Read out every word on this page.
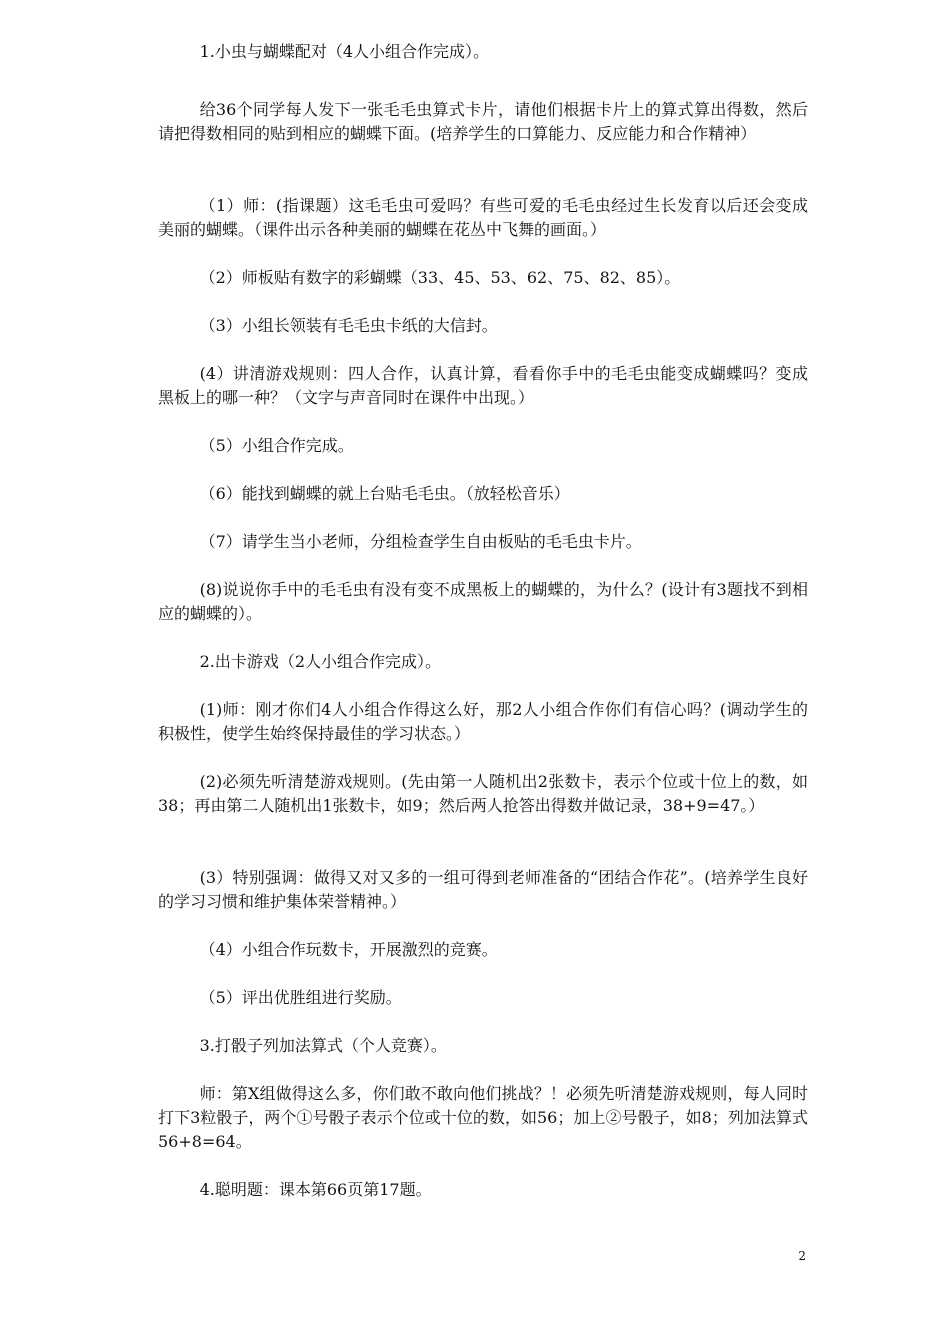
1.小虫与蝴蝶配对（4人小组合作完成）。

给36个同学每人发下一张毛毛虫算式卡片，请他们根据卡片上的算式算出得数，然后请把得数相同的贴到相应的蝴蝶下面。(培养学生的口算能力、反应能力和合作精神）

（1）师：(指课题）这毛毛虫可爱吗？有些可爱的毛毛虫经过生长发育以后还会变成美丽的蝴蝶。（课件出示各种美丽的蝴蝶在花丛中飞舞的画面。）

（2）师板贴有数字的彩蝴蝶（33、45、53、62、75、82、85）。

（3）小组长领装有毛毛虫卡纸的大信封。

(4）讲清游戏规则：四人合作，认真计算，看看你手中的毛毛虫能变成蝴蝶吗？变成黑板上的哪一种？（文字与声音同时在课件中出现。）

（5）小组合作完成。

（6）能找到蝴蝶的就上台贴毛毛虫。（放轻松音乐）

（7）请学生当小老师，分组检查学生自由板贴的毛毛虫卡片。

(8)说说你手中的毛毛虫有没有变不成黑板上的蝴蝶的，为什么？(设计有3题找不到相应的蝴蝶的）。

2.出卡游戏（2人小组合作完成）。

(1)师：刚才你们4人小组合作得这么好，那2人小组合作你们有信心吗？(调动学生的积极性，使学生始终保持最佳的学习状态。）

(2)必须先听清楚游戏规则。(先由第一人随机出2张数卡，表示个位或十位上的数，如38；再由第二人随机出1张数卡，如9；然后两人抢答出得数并做记录，38+9=47。）

(3）特别强调：做得又对又多的一组可得到老师准备的“团结合作花”。(培养学生良好的学习习惯和维护集体荣誉精神。）

（4）小组合作玩数卡，开展激烈的竞赛。

（5）评出优胜组进行奖励。

3.打骰子列加法算式（个人竞赛）。

师：第X组做得这么多，你们敢不敢向他们挑战？！必须先听清楚游戏规则，每人同时打下3粒骰子，两个①号骰子表示个位或十位的数，如56；加上②号骰子，如8；列加法算式56+8=64。

4.聪明题：课本第66页第17题。

2
